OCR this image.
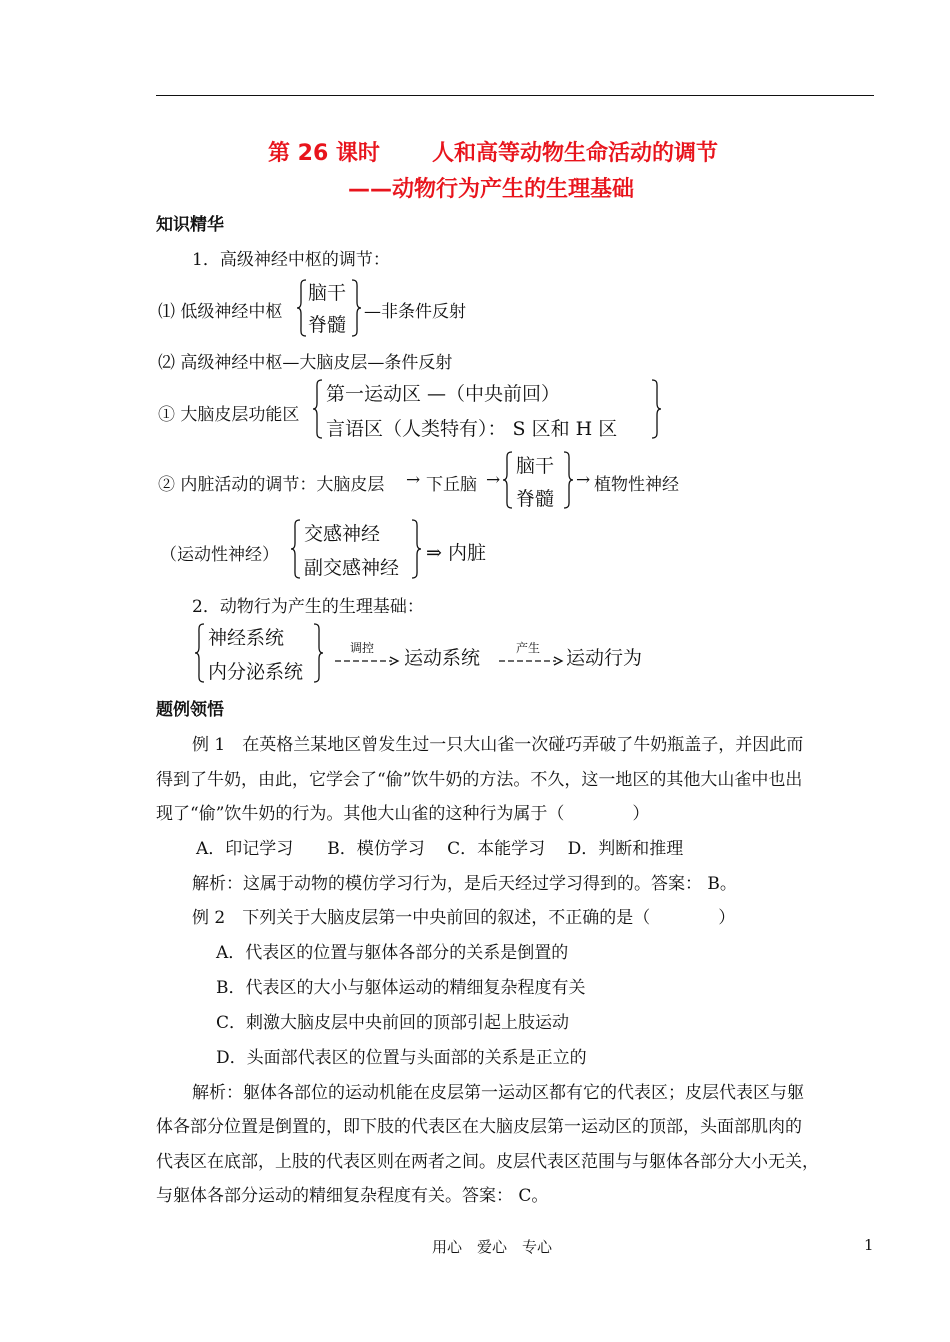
第 26 课时 人和高等动物生命活动的调节
——动物行为产生的生理基础
知识精华
1．高级神经中枢的调节：
⑴ 低级神经中枢
脑干
脊髓
—非条件反射
⑵ 高级神经中枢—大脑皮层—条件反射
① 大脑皮层功能区
第一运动区 —（中央前回）
言语区（人类特有）： S 区和 H 区
② 内脏活动的调节：大脑皮层 → 下丘脑 →
脑干
脊髓
→ 植物性神经
（运动性神经）
交感神经
副交感神经
⇒ 内脏
2．动物行为产生的生理基础：
神经系统
内分泌系统
调控 运动系统	产生 运动行为
题例领悟
例 1　在英格兰某地区曾发生过一只大山雀一次碰巧弄破了牛奶瓶盖子，并因此而
得到了牛奶，由此，它学会了“偷”饮牛奶的方法。不久，这一地区的其他大山雀中也出
现了“偷”饮牛奶的行为。其他大山雀的这种行为属于（　　　　）
A．印记学习　　B．模仿学习　 C．本能学习　 D．判断和推理
解析：这属于动物的模仿学习行为，是后天经过学习得到的。答案： B。
例 2　下列关于大脑皮层第一中央前回的叙述，不正确的是（　　　　）
A．代表区的位置与躯体各部分的关系是倒置的
B．代表区的大小与躯体运动的精细复杂程度有关
C．刺激大脑皮层中央前回的顶部引起上肢运动
D．头面部代表区的位置与头面部的关系是正立的
解析：躯体各部位的运动机能在皮层第一运动区都有它的代表区；皮层代表区与躯
体各部分位置是倒置的，即下肢的代表区在大脑皮层第一运动区的顶部，头面部肌肉的
代表区在底部，上肢的代表区则在两者之间。皮层代表区范围与与躯体各部分大小无关，
与躯体各部分运动的精细复杂程度有关。答案： C。
用心　爱心　专心	1
